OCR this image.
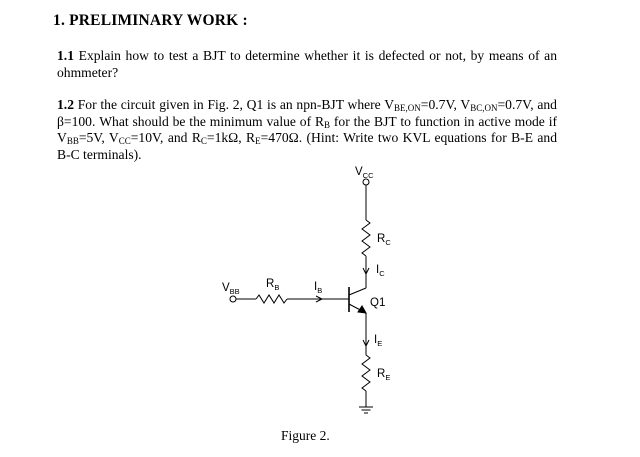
1. PRELIMINARY WORK :

1.1 Explain how to test a BJT to determine whether it is defected or not, by means of an ohmmeter?

1.2 For the circuit given in Fig. 2, Q1 is an npn-BJT where $V_{BE,ON}=0.7V$, $V_{BC,ON}=0.7V$, and β=100. What should be the minimum value of $R_B$ for the BJT to function in active mode if $V_{BB}=5V$, $V_{CC}=10V$, and $R_C=1k\Omega$, $R_E=470\Omega$. (Hint: Write two KVL equations for B-E and B-C terminals).

$V_{CC}$
$R_C$
$I_C$
$V_{BB}$
$R_B$	$I_B$
Q1
$I_E$
$R_E$
Figure 2.
